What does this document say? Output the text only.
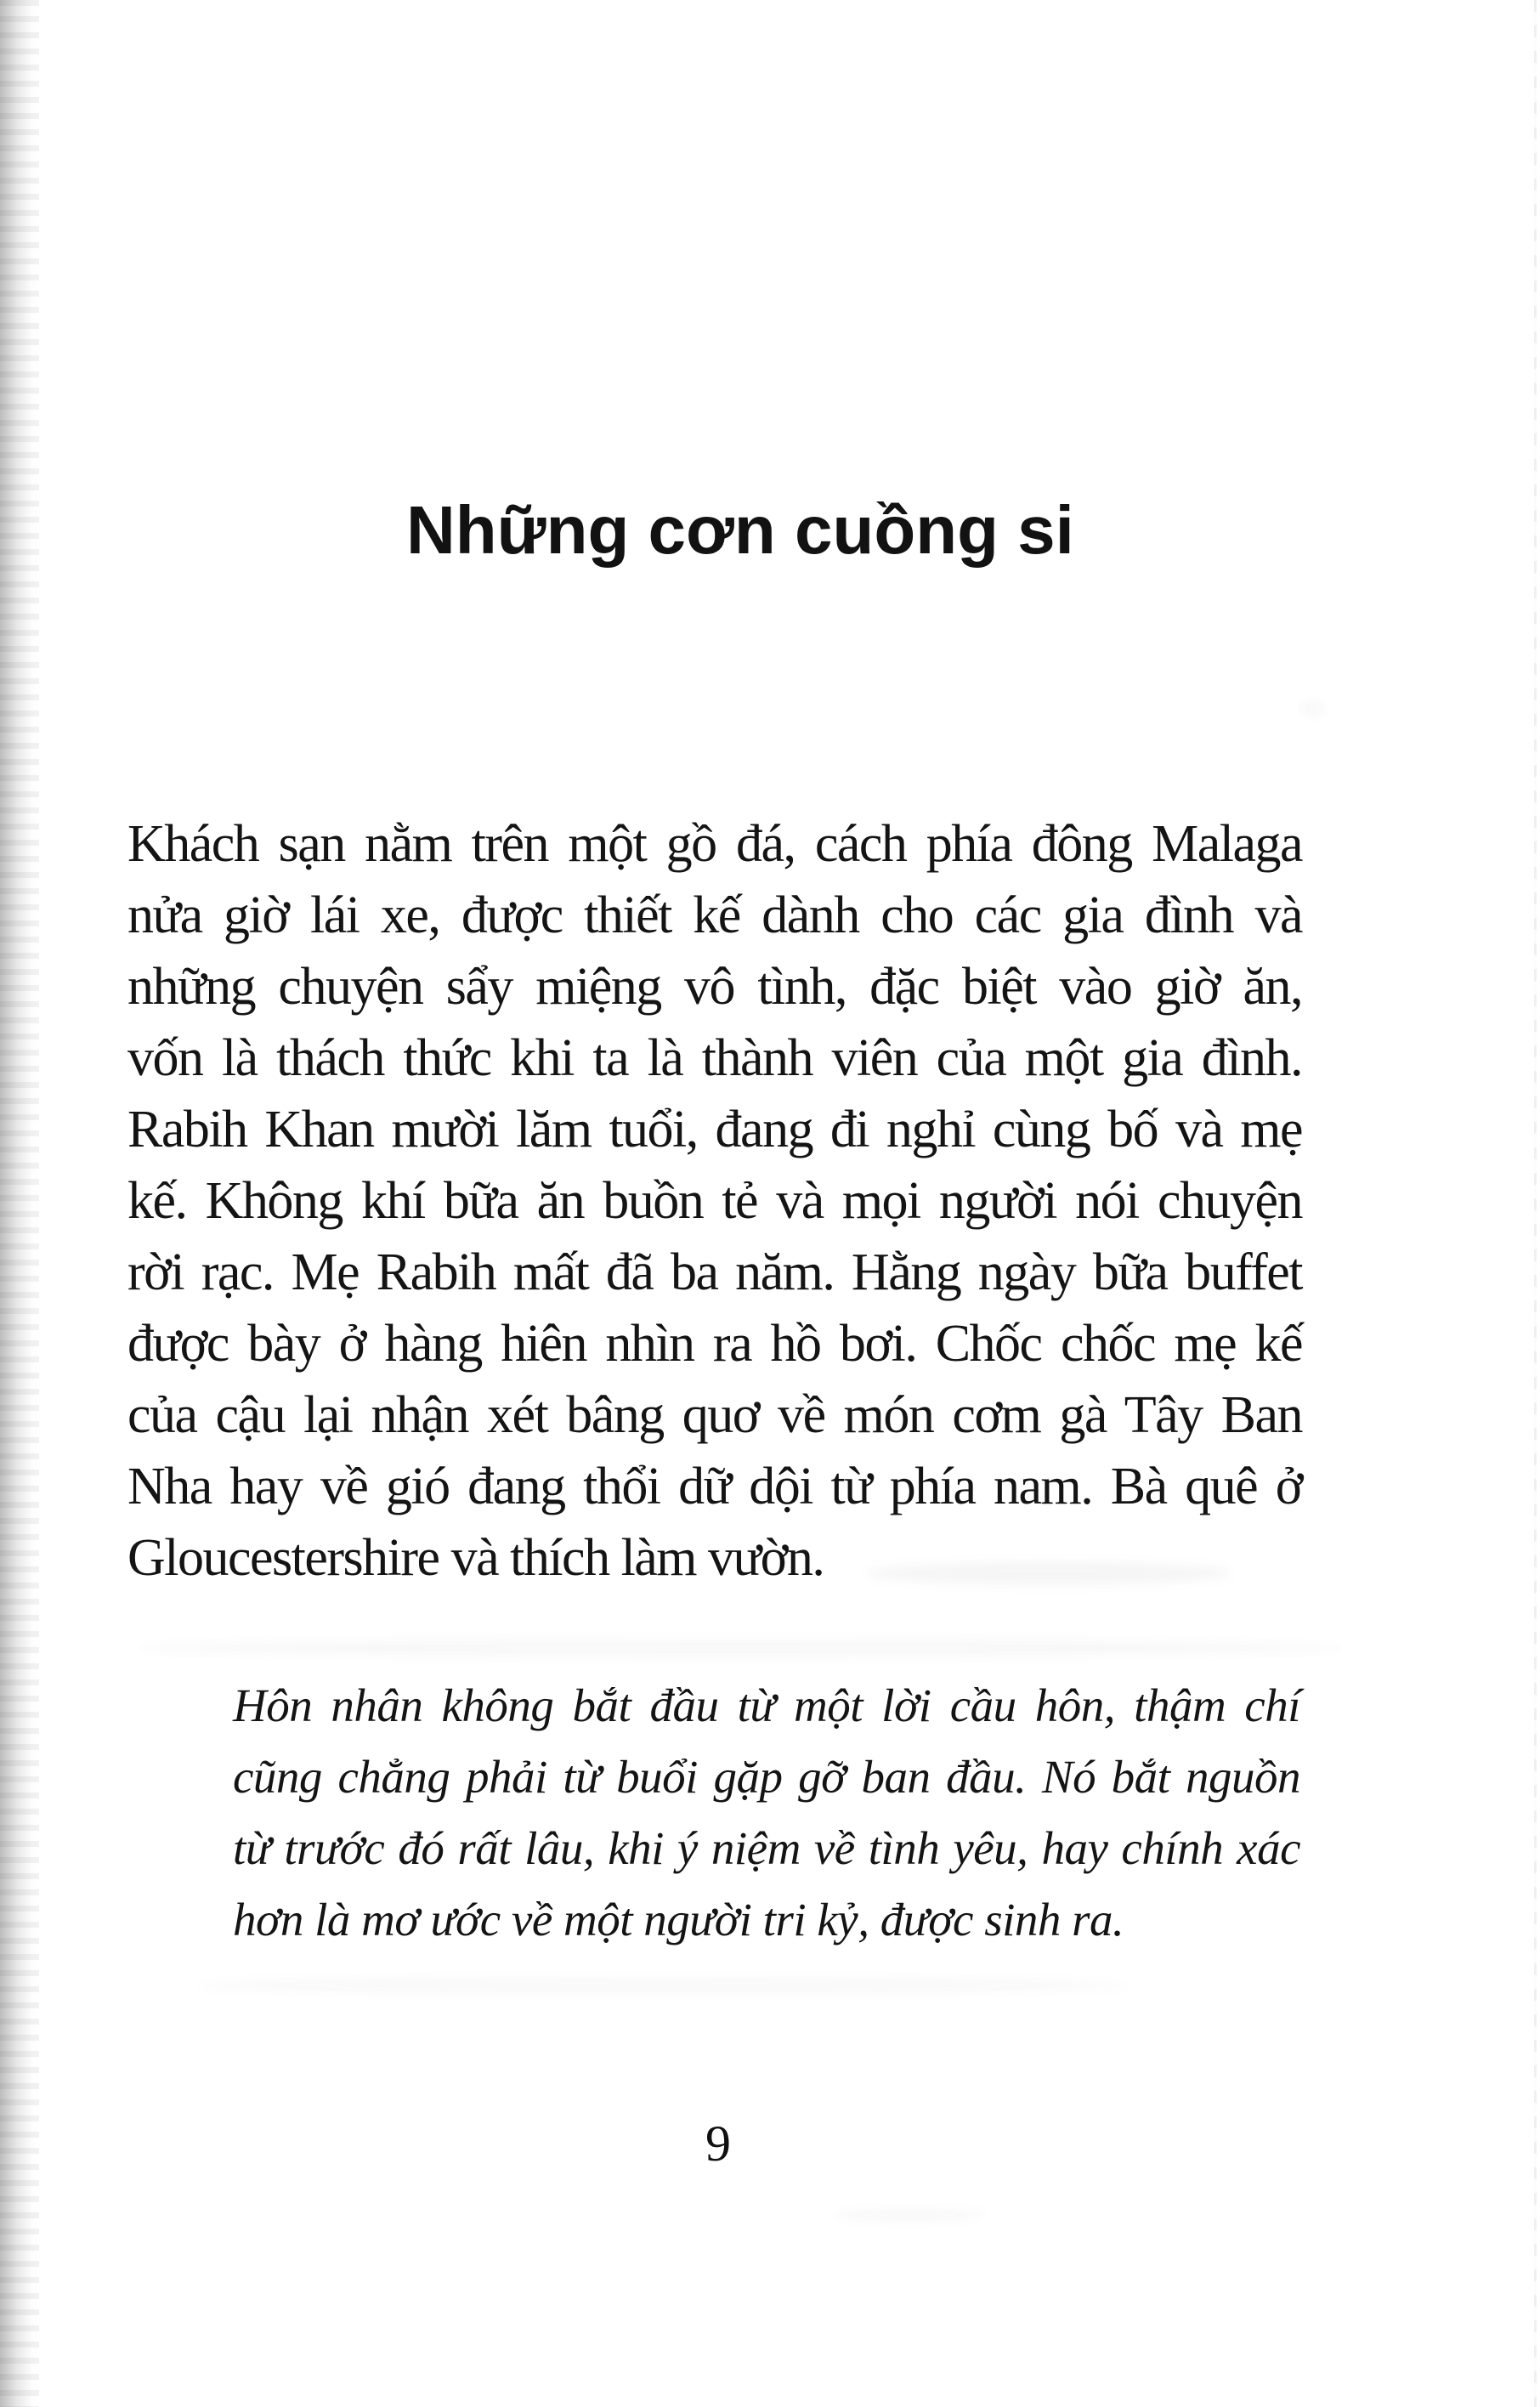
Những cơn cuồng si
Khách sạn nằm trên một gồ đá, cách phía đông Malaga
nửa giờ lái xe, được thiết kế dành cho các gia đình và
những chuyện sẩy miệng vô tình, đặc biệt vào giờ ăn,
vốn là thách thức khi ta là thành viên của một gia đình.
Rabih Khan mười lăm tuổi, đang đi nghỉ cùng bố và mẹ
kế. Không khí bữa ăn buồn tẻ và mọi người nói chuyện
rời rạc. Mẹ Rabih mất đã ba năm. Hằng ngày bữa buffet
được bày ở hàng hiên nhìn ra hồ bơi. Chốc chốc mẹ kế
của cậu lại nhận xét bâng quơ về món cơm gà Tây Ban
Nha hay về gió đang thổi dữ dội từ phía nam. Bà quê ở
Gloucestershire và thích làm vườn.
Hôn nhân không bắt đầu từ một lời cầu hôn, thậm chí
cũng chẳng phải từ buổi gặp gỡ ban đầu. Nó bắt nguồn
từ trước đó rất lâu, khi ý niệm về tình yêu, hay chính xác
hơn là mơ ước về một người tri kỷ, được sinh ra.
9
